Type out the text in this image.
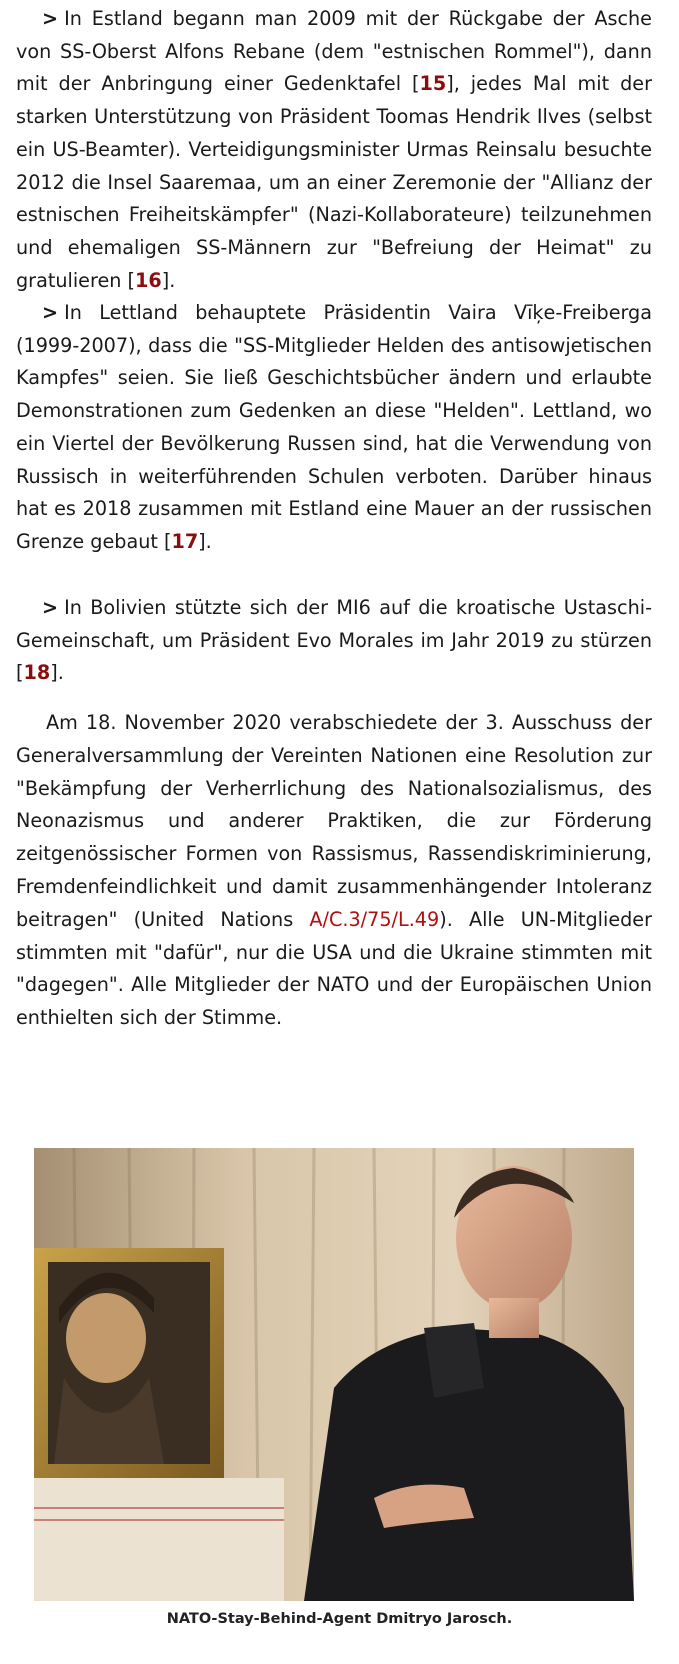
> In Estland begann man 2009 mit der Rückgabe der Asche von SS-Oberst Alfons Rebane (dem "estnischen Rommel"), dann mit der Anbringung einer Gedenktafel [15], jedes Mal mit der starken Unterstützung von Präsident Toomas Hendrik Ilves (selbst ein US-Beamter). Verteidigungsminister Urmas Reinsalu besuchte 2012 die Insel Saaremaa, um an einer Zeremonie der "Allianz der estnischen Freiheitskämpfer" (Nazi-Kollaborateure) teilzunehmen und ehemaligen SS-Männern zur "Befreiung der Heimat" zu gratulieren [16].

> In Lettland behauptete Präsidentin Vaira Vīķe-Freiberga (1999-2007), dass die "SS-Mitglieder Helden des antisowjetischen Kampfes" seien. Sie ließ Geschichtsbücher ändern und erlaubte Demonstrationen zum Gedenken an diese "Helden". Lettland, wo ein Viertel der Bevölkerung Russen sind, hat die Verwendung von Russisch in weiterführenden Schulen verboten. Darüber hinaus hat es 2018 zusammen mit Estland eine Mauer an der russischen Grenze gebaut [17].

> In Bolivien stützte sich der MI6 auf die kroatische Ustaschi-Gemeinschaft, um Präsident Evo Morales im Jahr 2019 zu stürzen [18].

Am 18. November 2020 verabschiedete der 3. Ausschuss der Generalversammlung der Vereinten Nationen eine Resolution zur "Bekämpfung der Verherrlichung des Nationalsozialismus, des Neonazismus und anderer Praktiken, die zur Förderung zeitgenössischer Formen von Rassismus, Rassendiskriminierung, Fremdenfeindlichkeit und damit zusammenhängender Intoleranz beitragen" (United Nations A/C.3/75/L.49). Alle UN-Mitglieder stimmten mit "dafür", nur die USA und die Ukraine stimmten mit "dagegen". Alle Mitglieder der NATO und der Europäischen Union enthielten sich der Stimme.

NATO-Stay-Behind-Agent Dmitryo Jarosch.
